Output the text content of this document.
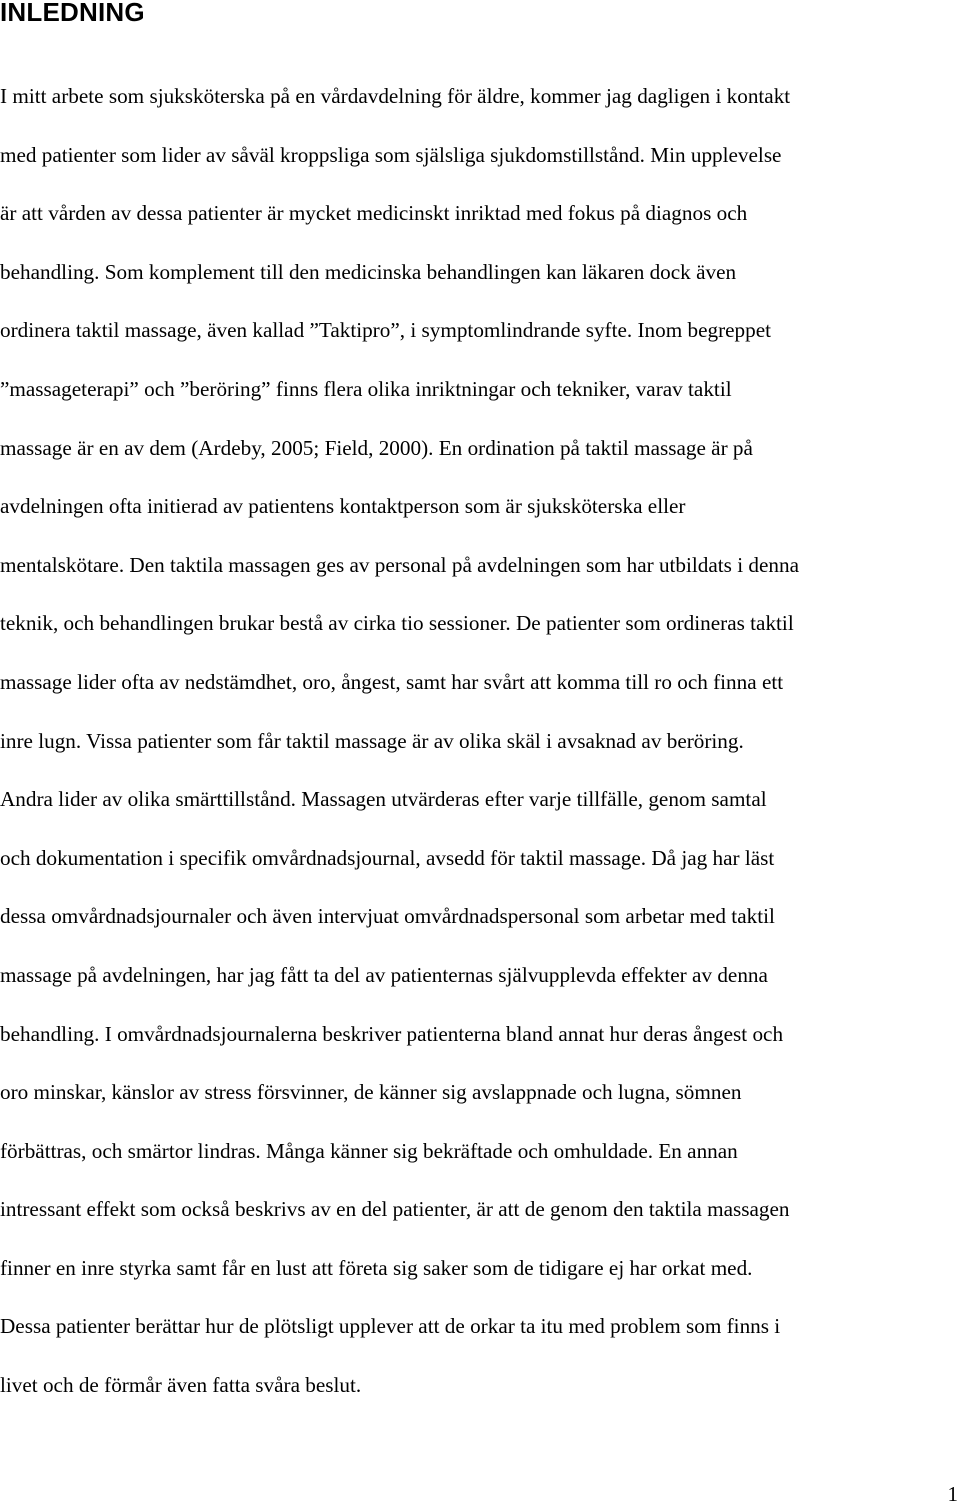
INLEDNING
I mitt arbete som sjuksköterska på en vårdavdelning för äldre, kommer jag dagligen i kontakt
med patienter som lider av såväl kroppsliga som själsliga sjukdomstillstånd. Min upplevelse
är att vården av dessa patienter är mycket medicinskt inriktad med fokus på diagnos och
behandling. Som komplement till den medicinska behandlingen kan läkaren dock även
ordinera taktil massage, även kallad ”Taktipro”, i symptomlindrande syfte. Inom begreppet
”massageterapi” och ”beröring” finns flera olika inriktningar och tekniker, varav taktil
massage är en av dem (Ardeby, 2005; Field, 2000). En ordination på taktil massage är på
avdelningen ofta initierad av patientens kontaktperson som är sjuksköterska eller
mentalskötare. Den taktila massagen ges av personal på avdelningen som har utbildats i denna
teknik, och behandlingen brukar bestå av cirka tio sessioner. De patienter som ordineras taktil
massage lider ofta av nedstämdhet, oro, ångest, samt har svårt att komma till ro och finna ett
inre lugn. Vissa patienter som får taktil massage är av olika skäl i avsaknad av beröring.
Andra lider av olika smärttillstånd. Massagen utvärderas efter varje tillfälle, genom samtal
och dokumentation i specifik omvårdnadsjournal, avsedd för taktil massage. Då jag har läst
dessa omvårdnadsjournaler och även intervjuat omvårdnadspersonal som arbetar med taktil
massage på avdelningen, har jag fått ta del av patienternas självupplevda effekter av denna
behandling. I omvårdnadsjournalerna beskriver patienterna bland annat hur deras ångest och
oro minskar, känslor av stress försvinner, de känner sig avslappnade och lugna, sömnen
förbättras, och smärtor lindras. Många känner sig bekräftade och omhuldade. En annan
intressant effekt som också beskrivs av en del patienter, är att de genom den taktila massagen
finner en inre styrka samt får en lust att företa sig saker som de tidigare ej har orkat med.
Dessa patienter berättar hur de plötsligt upplever att de orkar ta itu med problem som finns i
livet och de förmår även fatta svåra beslut.
1
